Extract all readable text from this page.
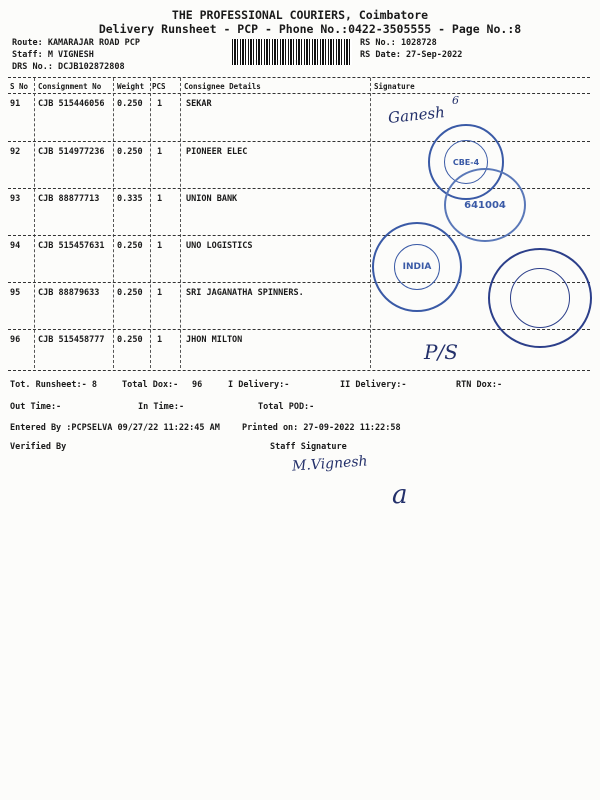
THE PROFESSIONAL COURIERS, Coimbatore
Delivery Runsheet - PCP - Phone No.:0422-3505555 - Page No.:8
Route: KAMARAJAR ROAD PCP
Staff: M VIGNESH
DRS No.: DCJB102872808
RS No.: 1028728
RS Date: 27-Sep-2022
S No Consignment No Weight PCS Consignee Details	Signature
91 CJB 515446056 0.250 1	SEKAR
92 CJB 514977236 0.250 1	PIONEER ELEC
93 CJB 88877713 0.335 1	UNION BANK
94 CJB 515457631 0.250 1	UNO LOGISTICS
95 CJB 88879633 0.250 1	SRI JAGANATHA SPINNERS.
96 CJB 515458777 0.250 1	JHON MILTON
Ganesh
6
CBE-4
641004
INDIA
P/S
Tot. Runsheet:- 8	Total Dox:- 96	I Delivery:-	II Delivery:-	RTN Dox:-
Out Time:-	In Time:-	Total POD:-
Entered By :PCPSELVA 09/27/22 11:22:45 AM	Printed on: 27-09-2022 11:22:58
Verified By	Staff Signature
M.Vignesh
a
